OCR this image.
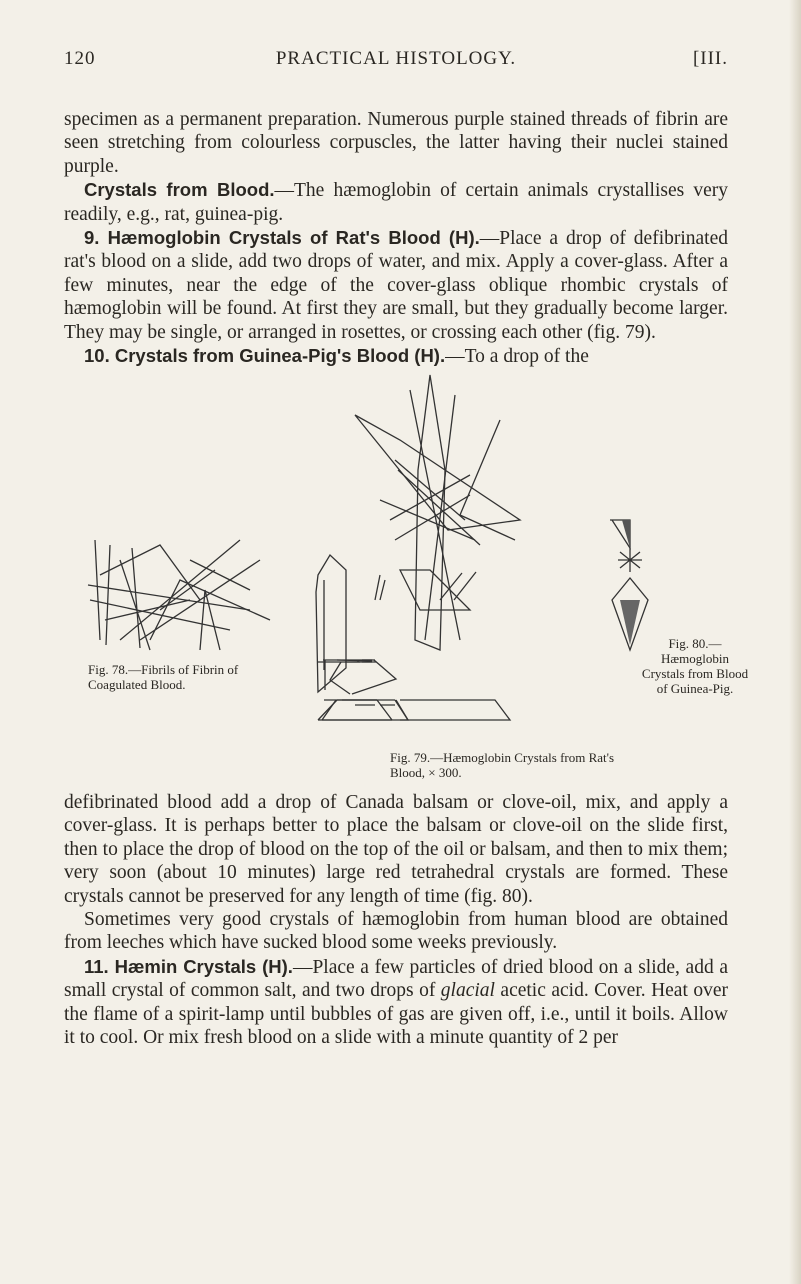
120	PRACTICAL HISTOLOGY.	[III.

specimen as a permanent preparation. Numerous purple stained threads of fibrin are seen stretching from colourless corpuscles, the latter having their nuclei stained purple.

Crystals from Blood.—The hæmoglobin of certain animals crystallises very readily, e.g., rat, guinea-pig.

9. Hæmoglobin Crystals of Rat's Blood (H).—Place a drop of defibrinated rat's blood on a slide, add two drops of water, and mix. Apply a cover-glass. After a few minutes, near the edge of the cover-glass oblique rhombic crystals of hæmoglobin will be found. At first they are small, but they gradually become larger. They may be single, or arranged in rosettes, or crossing each other (fig. 79).

10. Crystals from Guinea-Pig's Blood (H).—To a drop of the

Fig. 78.—Fibrils of Fibrin of Coagulated Blood.
Fig. 79.—Hæmoglobin Crystals from Rat's Blood, × 300.
Fig. 80.—Hæmoglobin Crystals from Blood of Guinea-Pig.

defibrinated blood add a drop of Canada balsam or clove-oil, mix, and apply a cover-glass. It is perhaps better to place the balsam or clove-oil on the slide first, then to place the drop of blood on the top of the oil or balsam, and then to mix them; very soon (about 10 minutes) large red tetrahedral crystals are formed. These crystals cannot be preserved for any length of time (fig. 80).

Sometimes very good crystals of hæmoglobin from human blood are obtained from leeches which have sucked blood some weeks previously.

11. Hæmin Crystals (H).—Place a few particles of dried blood on a slide, add a small crystal of common salt, and two drops of glacial acetic acid. Cover. Heat over the flame of a spirit-lamp until bubbles of gas are given off, i.e., until it boils. Allow it to cool. Or mix fresh blood on a slide with a minute quantity of 2 per
